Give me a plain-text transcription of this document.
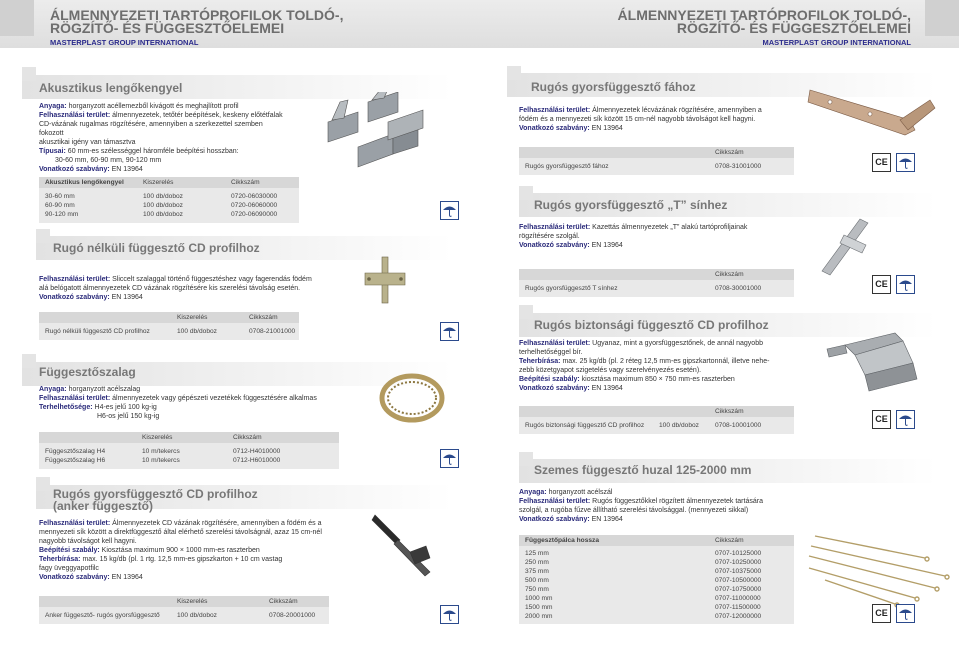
ÁLMENNYEZETI TARTÓPROFILOK TOLDÓ-,
RÖGZÍTŐ- ÉS FÜGGESZTŐELEMEI
MASTERPLAST GROUP INTERNATIONAL
ÁLMENNYEZETI TARTÓPROFILOK TOLDÓ-,
RÖGZÍTŐ- ÉS FÜGGESZTŐELEMEI
MASTERPLAST GROUP INTERNATIONAL
Akusztikus lengőkengyel
Anyaga: horganyzott acéllemezből kivágott és meghajlított profil
Felhasználási terület: álmennyezetek, tetőtér beépítések, keskeny előtétfalak
CD-vázának rugalmas rögzítésére, amennyiben a szerkezettel szemben fokozott
akusztikai igény van támasztva
Típusai: 60 mm-es szélességgel háromféle beépítési hosszban:
30-60 mm, 60-90 mm, 90-120 mm
Vonatkozó szabvány: EN 13964
Akusztikus lengőkengyel	Kiszerelés	Cikkszám
30-60 mm	100 db/doboz	0720-06030000
60-90 mm	100 db/doboz	0720-06060000
90-120 mm	100 db/doboz	0720-06090000
Rugó nélküli függesztő CD profilhoz
Felhasználási terület: Sliccelt szalaggal történő függesztéshez vagy fagerendás födém
alá belógatott álmennyezetek CD vázának rögzítésére kis szerelési távolság esetén.
Vonatkozó szabvány: EN 13964
Kiszerelés	Cikkszám
Rugó nélküli függesztő CD profilhoz	100 db/doboz	0708-21001000
Függesztőszalag
Anyaga: horganyzott acélszalag
Felhasználási terület: álmennyezetek vagy gépészeti vezetékek függesztésére alkalmas
Terhelhetősége: H4-es jelű 100 kg-ig
H6-os jelű 150 kg-ig
Kiszerelés	Cikkszám
Függesztőszalag H4	10 m/tekercs	0712-H4010000
Függesztőszalag H6	10 m/tekercs	0712-H6010000
Rugós gyorsfüggesztő CD profilhoz
(anker függesztő)
Felhasználási terület: Álmennyezetek CD vázának rögzítésére, amennyiben a födém és a
mennyezeti sík között a direktfüggesztő által elérhető szerelési távolságnál, azaz 15 cm-nél
nagyobb távolságot kell hagyni.
Beépítési szabály: Kiosztása maximum 900 × 1000 mm-es raszterben
Teherbírása: max. 15 kg/db (pl. 1 rtg. 12,5 mm-es gipszkarton + 10 cm vastag
fagy üveggyapotfilc
Vonatkozó szabvány: EN 13964
Kiszerelés	Cikkszám
Anker függesztő- rugós gyorsfüggesztő	100 db/doboz	0708-20001000
Rugós gyorsfüggesztő fához
Felhasználási terület: Álmennyezetek lécvázának rögzítésére, amennyiben a
födém és a mennyezeti sík között 15 cm-nél nagyobb távolságot kell hagyni.
Vonatkozó szabvány: EN 13964
Cikkszám
Rugós gyorsfüggesztő fához	0708-31001000	CE
Rugós gyorsfüggesztő „T” sínhez
Felhasználási terület: Kazettás álmennyezetek „T” alakú tartóprofiljainak
rögzítésére szolgál.
Vonatkozó szabvány: EN 13964
Cikkszám
Rugós gyorsfüggesztő T sínhez	0708-30001000	CE
Rugós biztonsági függesztő CD profilhoz
Felhasználási terület: Ugyanaz, mint a gyorsfüggesztőnek, de annál nagyobb
terhelhetőséggel bír.
Teherbírása: max. 25 kg/db (pl. 2 réteg 12,5 mm-es gipszkartonnál, illetve nehe-
zebb közetgyapot szigetelés vagy szerelvényezés esetén).
Beépítési szabály: kiosztása maximum 850 × 750 mm-es raszterben
Vonatkozó szabvány: EN 13964
Cikkszám
Rugós biztonsági függesztő CD profilhoz 100 db/doboz 0708-10001000
CE
Szemes függesztő huzal 125-2000 mm
Anyaga: horganyzott acélszál
Felhasználási terület: Rugós függesztőkkel rögzített álmennyezetek tartására
szolgál, a rugóba fűzve állítható szerelési távolsággal. (mennyezeti sikkal)
Vonatkozó szabvány: EN 13964
Függesztőpálca hossza	Cikkszám
125 mm	0707-10125000
250 mm	0707-10250000
375 mm	0707-10375000
500 mm	0707-10500000
750 mm	0707-10750000
1000 mm	0707-11000000
1500 mm	0707-11500000
2000 mm	0707-12000000	CE
